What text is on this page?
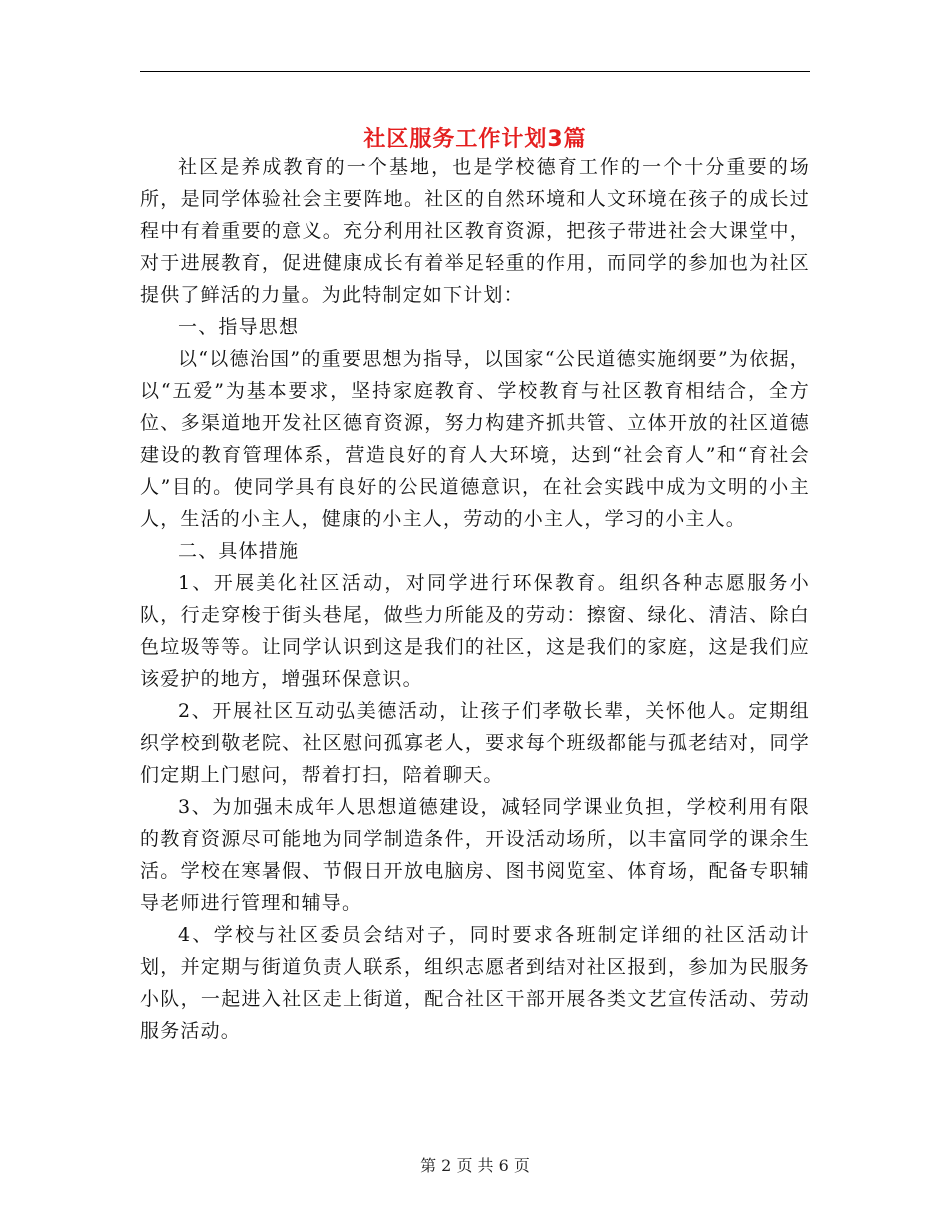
社区服务工作计划3篇

社区是养成教育的一个基地，也是学校德育工作的一个十分重要的场所，是同学体验社会主要阵地。社区的自然环境和人文环境在孩子的成长过程中有着重要的意义。充分利用社区教育资源，把孩子带进社会大课堂中，对于进展教育，促进健康成长有着举足轻重的作用，而同学的参加也为社区提供了鲜活的力量。为此特制定如下计划：

一、指导思想

以“以德治国”的重要思想为指导，以国家“公民道德实施纲要”为依据，以“五爱”为基本要求，坚持家庭教育、学校教育与社区教育相结合，全方位、多渠道地开发社区德育资源，努力构建齐抓共管、立体开放的社区道德建设的教育管理体系，营造良好的育人大环境，达到“社会育人”和“育社会人”目的。使同学具有良好的公民道德意识，在社会实践中成为文明的小主人，生活的小主人，健康的小主人，劳动的小主人，学习的小主人。

二、具体措施

1、开展美化社区活动，对同学进行环保教育。组织各种志愿服务小队，行走穿梭于街头巷尾，做些力所能及的劳动：擦窗、绿化、清洁、除白色垃圾等等。让同学认识到这是我们的社区，这是我们的家庭，这是我们应该爱护的地方，增强环保意识。

2、开展社区互动弘美德活动，让孩子们孝敬长辈，关怀他人。定期组织学校到敬老院、社区慰问孤寡老人，要求每个班级都能与孤老结对，同学们定期上门慰问，帮着打扫，陪着聊天。

3、为加强未成年人思想道德建设，减轻同学课业负担，学校利用有限的教育资源尽可能地为同学制造条件，开设活动场所，以丰富同学的课余生活。学校在寒暑假、节假日开放电脑房、图书阅览室、体育场，配备专职辅导老师进行管理和辅导。

4、学校与社区委员会结对子，同时要求各班制定详细的社区活动计划，并定期与街道负责人联系，组织志愿者到结对社区报到，参加为民服务小队，一起进入社区走上街道，配合社区干部开展各类文艺宣传活动、劳动服务活动。

第 2 页 共 6 页
